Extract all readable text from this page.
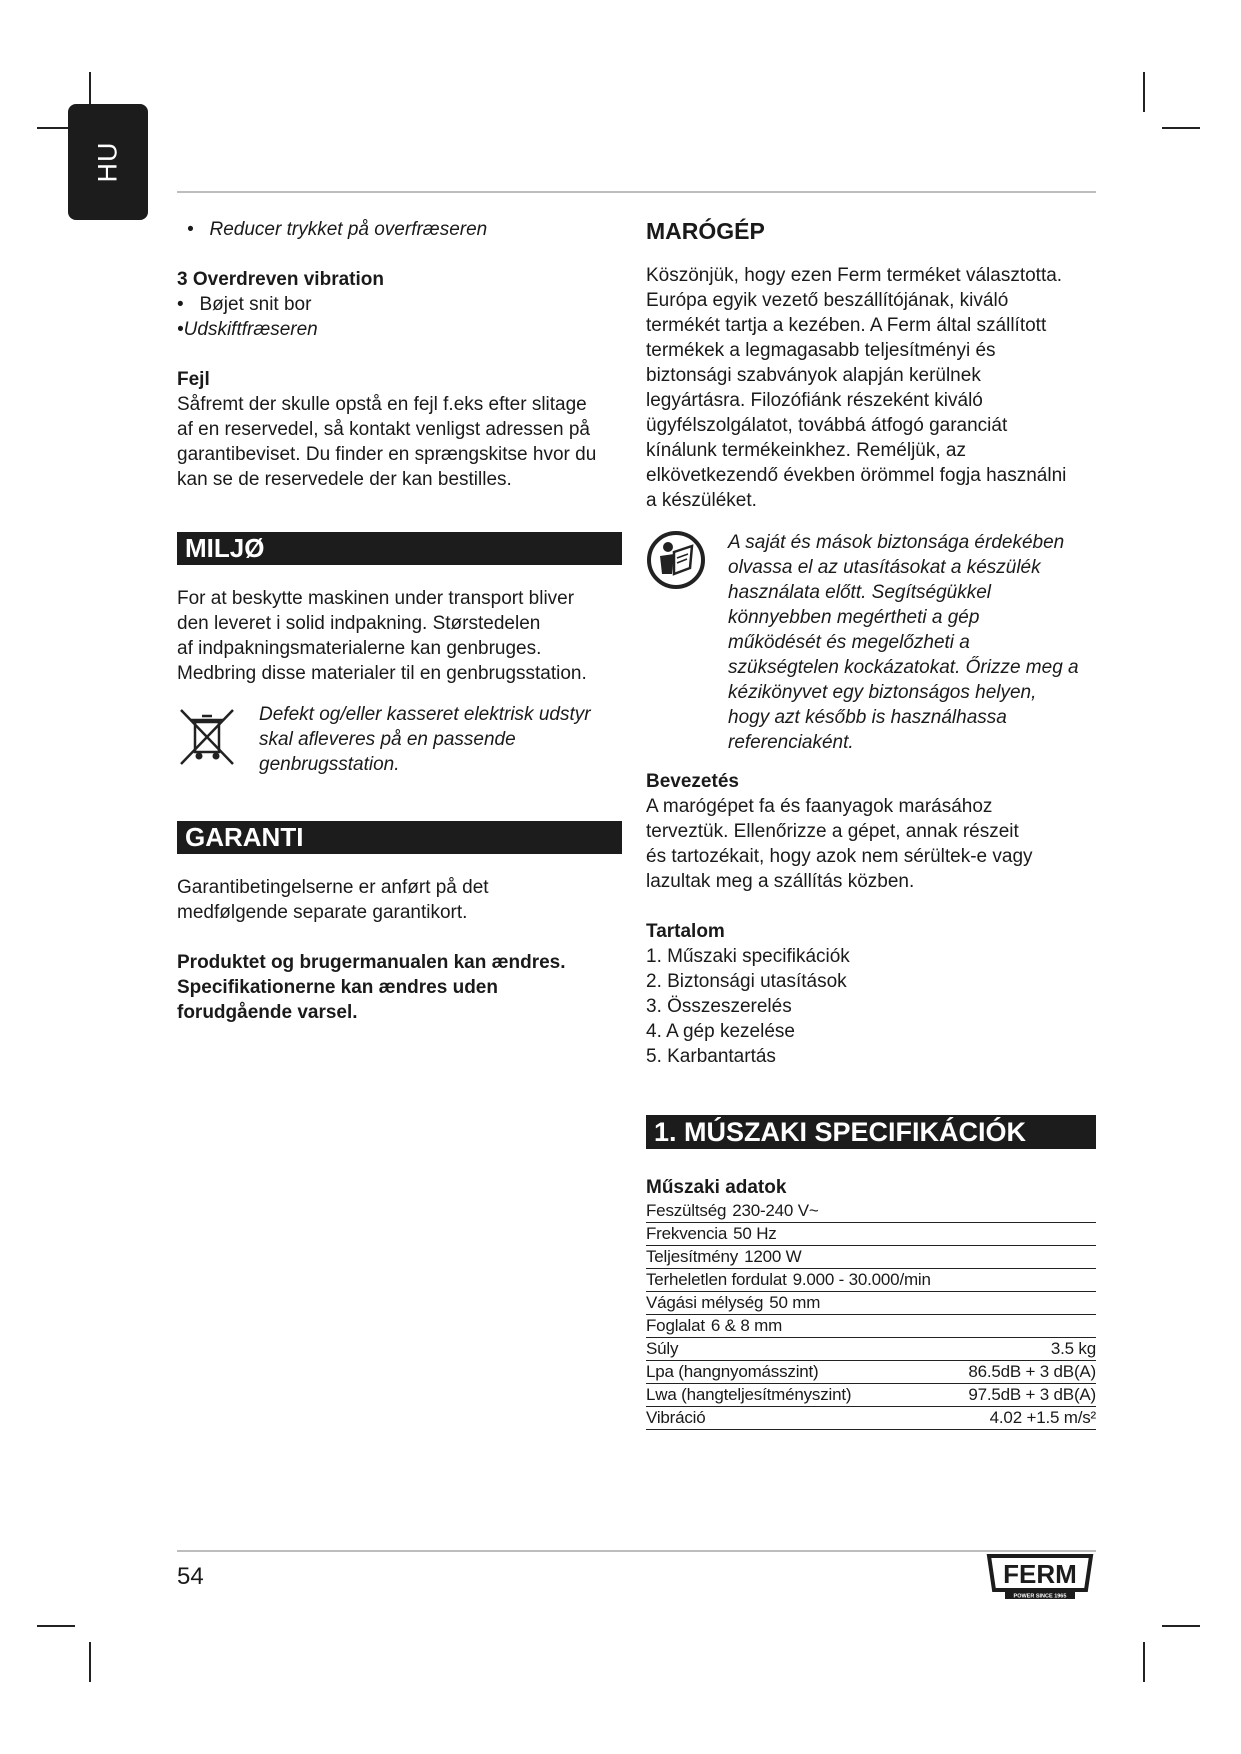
HU

•   Reducer trykket på overfræseren

3 Overdreven vibration

•   Bøjet snit bor

•Udskiftfræseren

Fejl

Såfremt der skulle opstå en fejl f.eks efter slitage

af en reservedel, så kontakt venligst adressen på

garantibeviset. Du finder en sprængskitse hvor du

kan se de reservedele der kan bestilles.

MILJØ

For at beskytte maskinen under transport bliver

den leveret i solid indpakning. Størstedelen

af indpakningsmaterialerne kan genbruges.

Medbring disse materialer til en genbrugsstation.

Defekt og/eller kasseret elektrisk udstyr

skal afleveres på en passende

genbrugsstation.

GARANTI

Garantibetingelserne er anført på det

medfølgende separate garantikort.

Produktet og brugermanualen kan ændres.

Specifikationerne kan ændres uden

forudgående varsel.

MARÓGÉP

Köszönjük, hogy ezen Ferm terméket választotta.

Európa egyik vezető beszállítójának, kiváló

termékét tartja a kezében. A Ferm által szállított

termékek a legmagasabb teljesítményi és

biztonsági szabványok alapján kerülnek

legyártásra. Filozófiánk részeként kiváló

ügyfélszolgálatot, továbbá átfogó garanciát

kínálunk termékeinkhez. Reméljük, az

elkövetkezendő években örömmel fogja használni

a készüléket.

A saját és mások biztonsága érdekében

olvassa el az utasításokat a készülék

használata előtt. Segítségükkel

könnyebben megértheti a gép

működését és megelőzheti a

szükségtelen kockázatokat. Őrizze meg a

kézikönyvet egy biztonságos helyen,

hogy azt később is használhassa

referenciaként.

Bevezetés

A marógépet fa és faanyagok marásához

terveztük. Ellenőrizze a gépet, annak részeit

és tartozékait, hogy azok nem sérültek-e vagy

lazultak meg a szállítás közben.

Tartalom

1. Műszaki specifikációk

2. Biztonsági utasítások

3. Összeszerelés

4. A gép kezelése

5. Karbantartás

1. MÚSZAKI SPECIFIKÁCIÓK

Műszaki adatok

Feszültség 230-240 V~
Frekvencia 50 Hz
Teljesítmény 1200 W
Terheletlen fordulat 9.000 - 30.000/min
Vágási mélység 50 mm
Foglalat 6 & 8 mm
Súly	3.5 kg
Lpa (hangnyomásszint)	86.5dB + 3 dB(A)
Lwa (hangteljesítményszint)	97.5dB + 3 dB(A)
Vibráció	4.02 +1.5 m/s²
54	FERM
POWER SINCE 1965
